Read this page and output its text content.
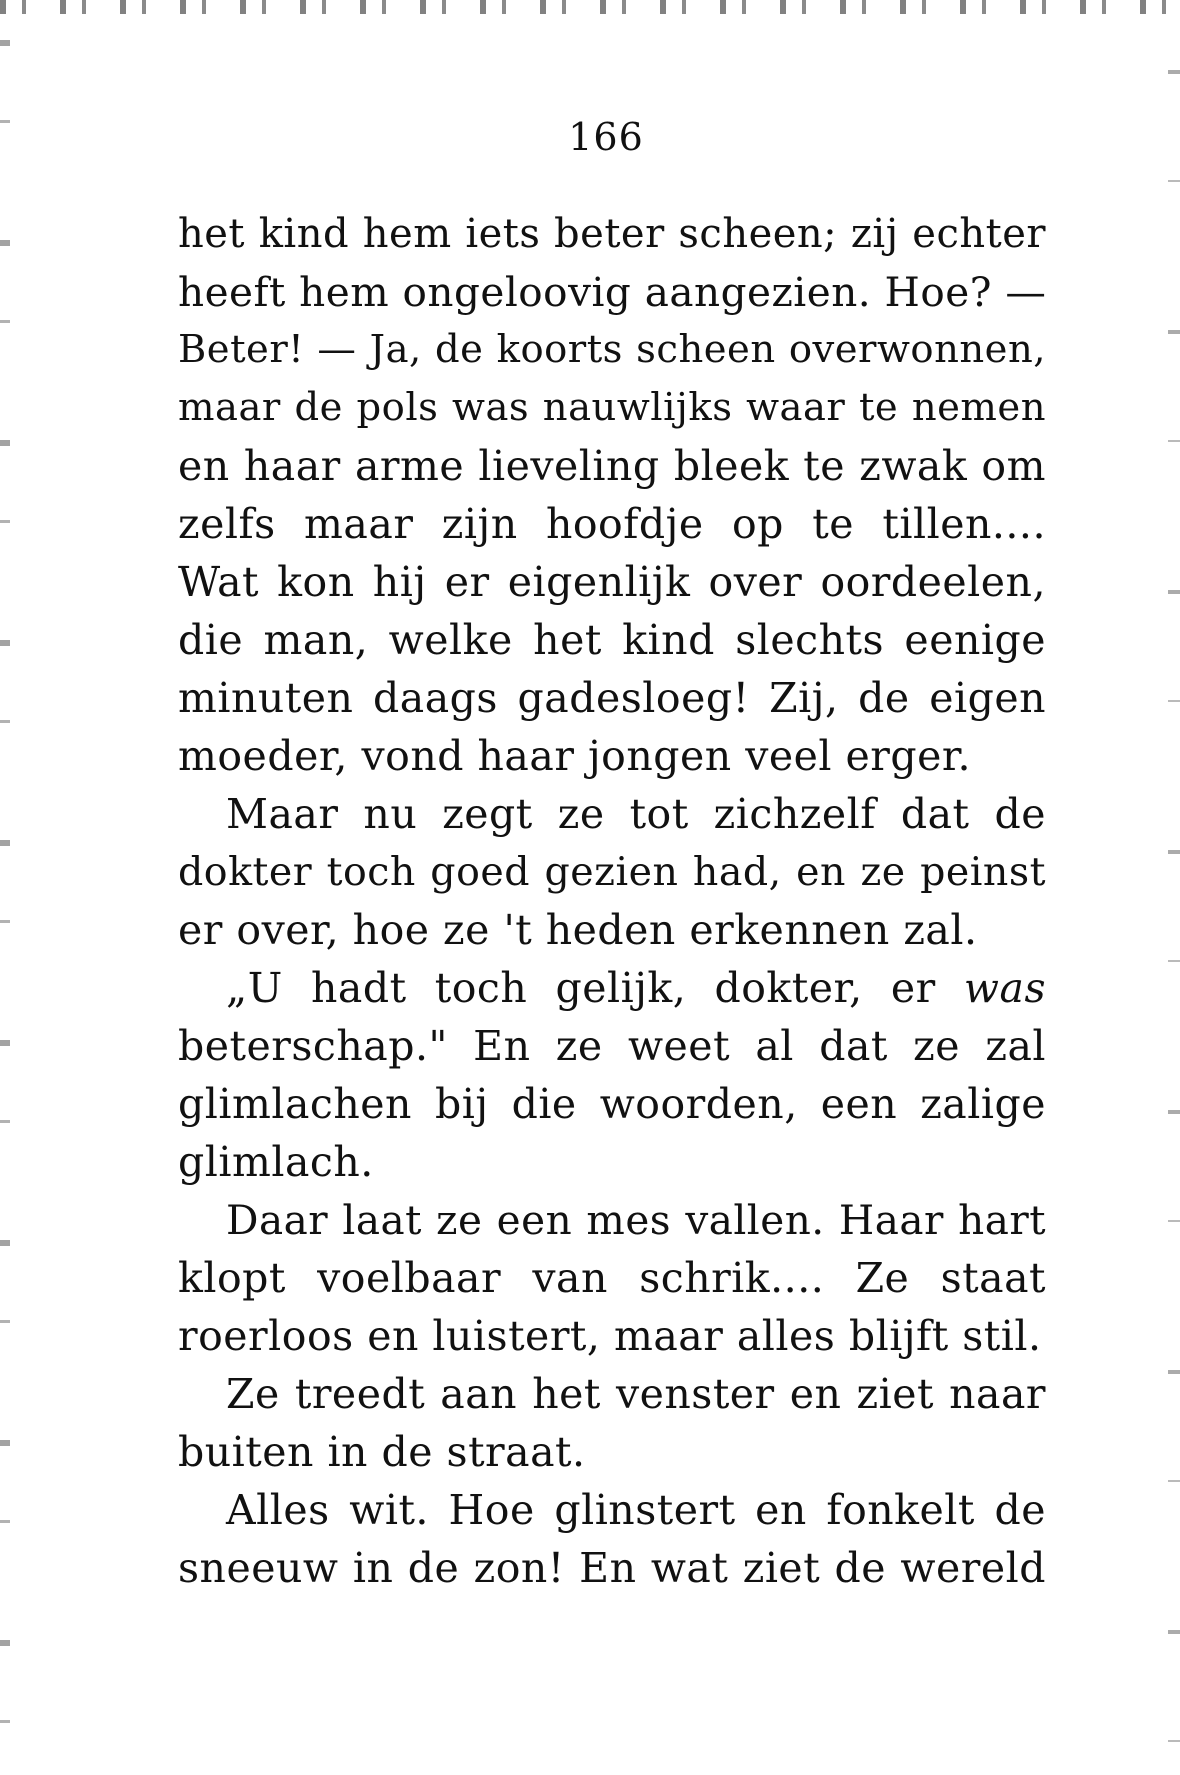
166
het kind hem iets beter scheen; zij echter
heeft hem ongeloovig aangezien. Hoe? —
Beter! — Ja, de koorts scheen overwonnen,
maar de pols was nauwlijks waar te nemen
en haar arme lieveling bleek te zwak om
zelfs maar zijn hoofdje op te tillen....
Wat kon hij er eigenlijk over oordeelen,
die man, welke het kind slechts eenige
minuten daags gadesloeg! Zij, de eigen
moeder, vond haar jongen veel erger.
Maar nu zegt ze tot zichzelf dat de
dokter toch goed gezien had, en ze peinst
er over, hoe ze 't heden erkennen zal.
„U hadt toch gelijk, dokter, er was
beterschap." En ze weet al dat ze zal
glimlachen bij die woorden, een zalige
glimlach.
Daar laat ze een mes vallen. Haar hart
klopt voelbaar van schrik.... Ze staat
roerloos en luistert, maar alles blijft stil.
Ze treedt aan het venster en ziet naar
buiten in de straat.
Alles wit. Hoe glinstert en fonkelt de
sneeuw in de zon! En wat ziet de wereld
